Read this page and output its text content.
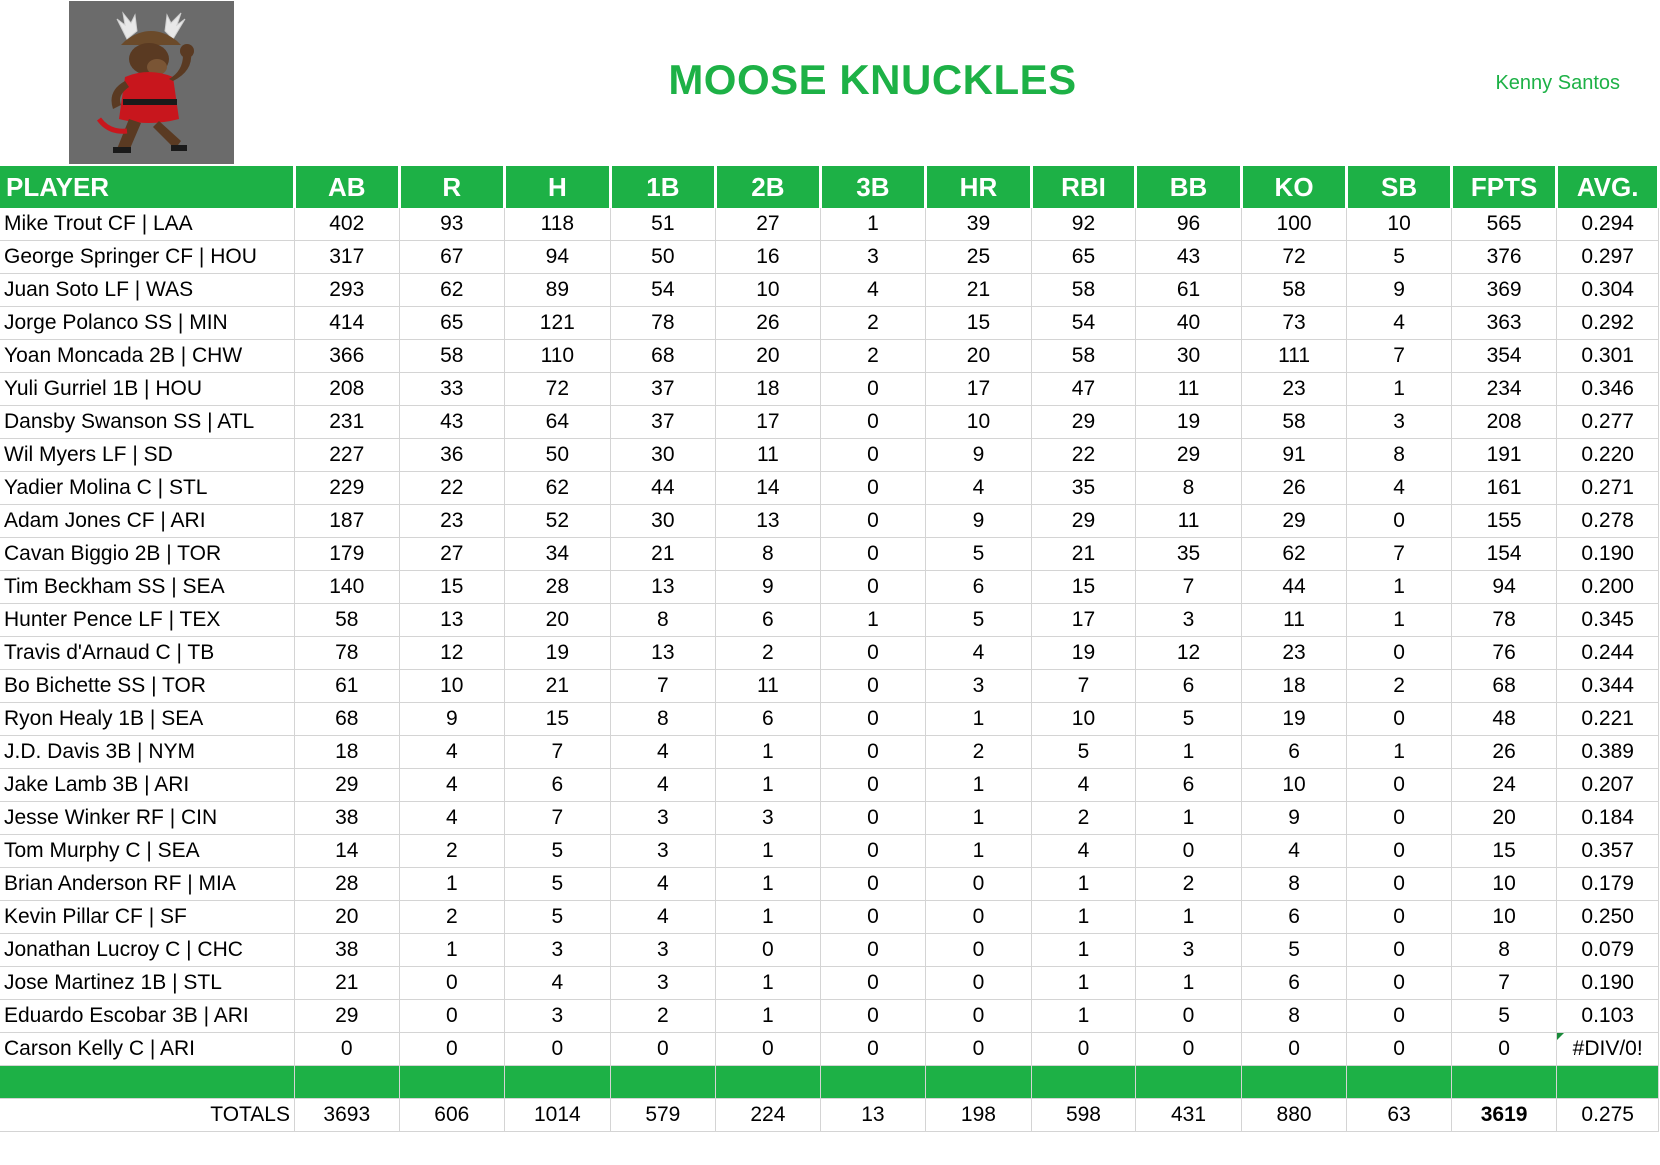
MOOSE KNUCKLES	Kenny Santos
PLAYER	AB	R	H	1B	2B	3B	HR	RBI	BB	KO	SB	FPTS	AVG.
Mike Trout CF | LAA	402	93	118	51	27	1	39	92	96	100	10	565	0.294
George Springer CF | HOU	317	67	94	50	16	3	25	65	43	72	5	376	0.297
Juan Soto LF | WAS	293	62	89	54	10	4	21	58	61	58	9	369	0.304
Jorge Polanco SS | MIN	414	65	121	78	26	2	15	54	40	73	4	363	0.292
Yoan Moncada 2B | CHW	366	58	110	68	20	2	20	58	30	111	7	354	0.301
Yuli Gurriel 1B | HOU	208	33	72	37	18	0	17	47	11	23	1	234	0.346
Dansby Swanson SS | ATL	231	43	64	37	17	0	10	29	19	58	3	208	0.277
Wil Myers LF | SD	227	36	50	30	11	0	9	22	29	91	8	191	0.220
Yadier Molina C | STL	229	22	62	44	14	0	4	35	8	26	4	161	0.271
Adam Jones CF | ARI	187	23	52	30	13	0	9	29	11	29	0	155	0.278
Cavan Biggio 2B | TOR	179	27	34	21	8	0	5	21	35	62	7	154	0.190
Tim Beckham SS | SEA	140	15	28	13	9	0	6	15	7	44	1	94	0.200
Hunter Pence LF | TEX	58	13	20	8	6	1	5	17	3	11	1	78	0.345
Travis d'Arnaud C | TB	78	12	19	13	2	0	4	19	12	23	0	76	0.244
Bo Bichette SS | TOR	61	10	21	7	11	0	3	7	6	18	2	68	0.344
Ryon Healy 1B | SEA	68	9	15	8	6	0	1	10	5	19	0	48	0.221
J.D. Davis 3B | NYM	18	4	7	4	1	0	2	5	1	6	1	26	0.389
Jake Lamb 3B | ARI	29	4	6	4	1	0	1	4	6	10	0	24	0.207
Jesse Winker RF | CIN	38	4	7	3	3	0	1	2	1	9	0	20	0.184
Tom Murphy C | SEA	14	2	5	3	1	0	1	4	0	4	0	15	0.357
Brian Anderson RF | MIA	28	1	5	4	1	0	0	1	2	8	0	10	0.179
Kevin Pillar CF | SF	20	2	5	4	1	0	0	1	1	6	0	10	0.250
Jonathan Lucroy C | CHC	38	1	3	3	0	0	0	1	3	5	0	8	0.079
Jose Martinez 1B | STL	21	0	4	3	1	0	0	1	1	6	0	7	0.190
Eduardo Escobar 3B | ARI	29	0	3	2	1	0	0	1	0	8	0	5	0.103
Carson Kelly C | ARI	0	0	0	0	0	0	0	0	0	0	0	0	#DIV/0!

TOTALS	3693	606	1014	579	224	13	198	598	431	880	63	3619	0.275
